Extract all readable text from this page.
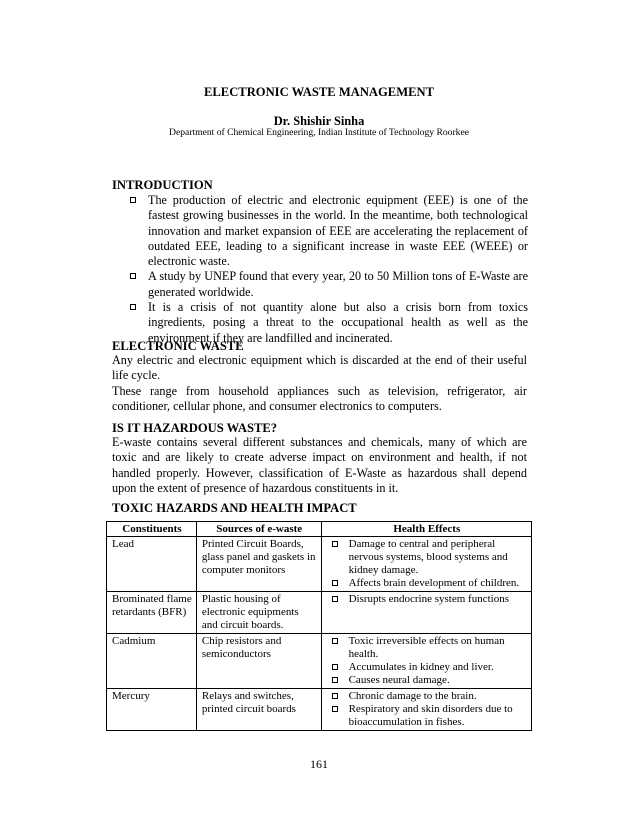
ELECTRONIC WASTE MANAGEMENT
Dr. Shishir Sinha
Department of Chemical Engineering, Indian Institute of Technology Roorkee
INTRODUCTION
The production of electric and electronic equipment (EEE) is one of the fastest growing businesses in the world. In the meantime, both technological innovation and market expansion of EEE are accelerating the replacement of outdated EEE, leading to a significant increase in waste EEE (WEEE) or electronic waste.
A study by UNEP found that every year, 20 to 50 Million tons of E-Waste are generated worldwide.
It is a crisis of not quantity alone but also a crisis born from toxics ingredients, posing a threat to the occupational health as well as the environment if they are landfilled and incinerated.
ELECTRONIC WASTE

Any electric and electronic equipment which is discarded at the end of their useful life cycle.

These range from household appliances such as television, refrigerator, air conditioner, cellular phone, and consumer electronics to computers.

IS IT HAZARDOUS WASTE?

E-waste contains several different substances and chemicals, many of which are toxic and are likely to create adverse impact on environment and health, if not handled properly. However, classification of E-Waste as hazardous shall depend upon the extent of presence of hazardous constituents in it.

TOXIC HAZARDS AND HEALTH IMPACT
Constituents	Sources of e-waste	Health Effects
Lead	Printed Circuit Boards, glass panel and gaskets in computer monitors	Damage to central and peripheral nervous systems, blood systems and kidney damage.
Affects brain development of children.

Brominated flame retardants (BFR)	Plastic housing of electronic equipments and circuit boards.	Disrupts endocrine system functions

Cadmium	Chip resistors and semiconductors	Toxic irreversible effects on human health.
Accumulates in kidney and liver.
Causes neural damage.

Mercury	Relays and switches, printed circuit boards	Chronic damage to the brain.
Respiratory and skin disorders due to bioaccumulation in fishes.
161
